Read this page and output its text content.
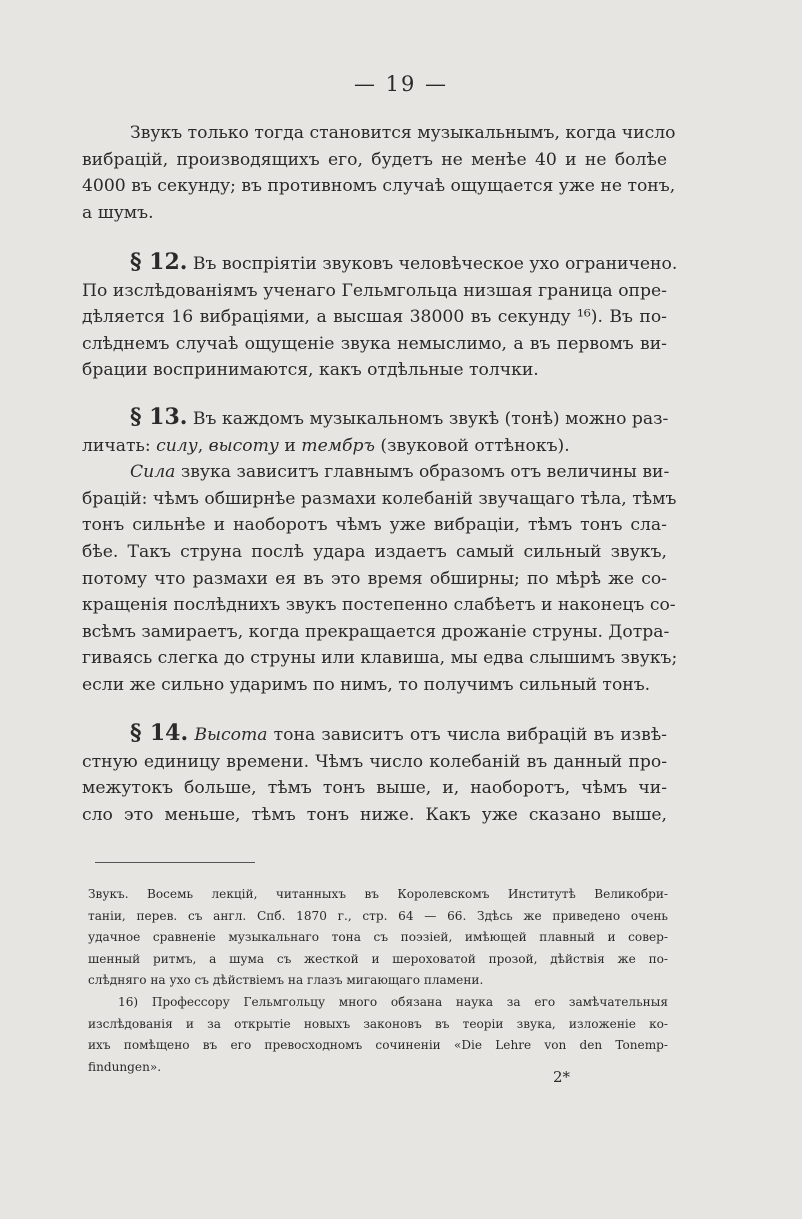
— 19 —
Звукъ только тогда становится музыкальнымъ, когда число
вибрацій, производящихъ его, будетъ не менѣе 40 и не болѣе
4000 въ секунду; въ противномъ случаѣ ощущается уже не тонъ,
а шумъ.
§ 12. Въ воспріятіи звуковъ человѣческое ухо ограничено.
По изслѣдованіямъ ученаго Гельмгольца низшая граница опре-
дѣляется 16 вибраціями, а высшая 38000 въ секунду ¹⁶). Въ по-
слѣднемъ случаѣ ощущеніе звука немыслимо, а въ первомъ ви-
брации воспринимаются, какъ отдѣльные толчки.
§ 13. Въ каждомъ музыкальномъ звукѣ (тонѣ) можно раз-
личать: силу, высоту и тембръ (звуковой оттѣнокъ).
Сила звука зависитъ главнымъ образомъ отъ величины ви-
брацій: чѣмъ обширнѣе размахи колебаній звучащаго тѣла, тѣмъ
тонъ сильнѣе и наоборотъ чѣмъ уже вибраціи, тѣмъ тонъ сла-
бѣе. Такъ струна послѣ удара издаетъ самый сильный звукъ,
потому что размахи ея въ это время обширны; по мѣрѣ же со-
кращенія послѣднихъ звукъ постепенно слабѣетъ и наконецъ со-
всѣмъ замираетъ, когда прекращается дрожаніе струны. Дотра-
гиваясь слегка до струны или клавиша, мы едва слышимъ звукъ;
если же сильно ударимъ по нимъ, то получимъ сильный тонъ.
§ 14. Высота тона зависитъ отъ числа вибрацій въ извѣ-
стную единицу времени. Чѣмъ число колебаній въ данный про-
межутокъ больше, тѣмъ тонъ выше, и, наоборотъ, чѣмъ чи-
сло это меньше, тѣмъ тонъ ниже. Какъ уже сказано выше,
Звукъ. Восемь лекцій, читанныхъ въ Королевскомъ Институтѣ Великобри-
таніи, перев. съ англ. Спб. 1870 г., стр. 64 — 66. Здѣсь же приведено очень
удачное сравненіе музыкальнаго тона съ поэзіей, имѣющей плавный и совер-
шенный ритмъ, а шума съ жесткой и шероховатой прозой, дѣйствія же по-
слѣдняго на ухо съ дѣйствіемъ на глазъ мигающаго пламени.
16) Профессору Гельмгольцу много обязана наука за его замѣчательныя
изслѣдованія и за открытіе новыхъ законовъ въ теоріи звука, изложеніе ко-
ихъ помѣщено въ его превосходномъ сочиненіи «Die Lehre von den Tonemp-
findungen».
2*
